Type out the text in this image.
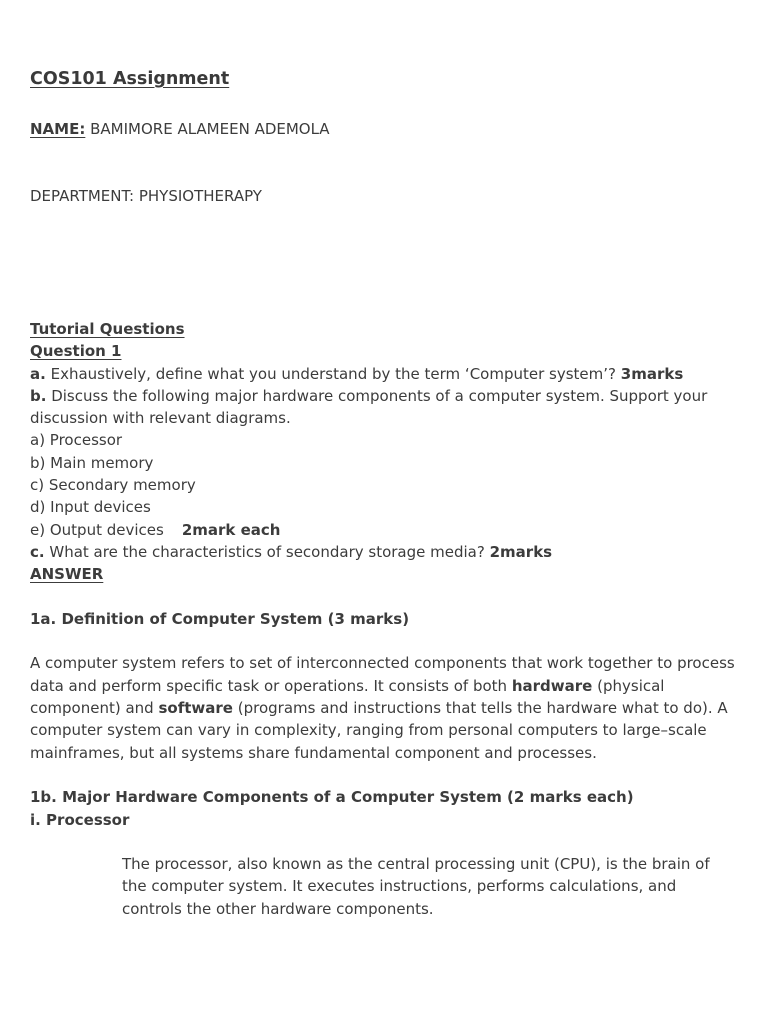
COS101 Assignment
NAME: BAMIMORE ALAMEEN ADEMOLA
DEPARTMENT: PHYSIOTHERAPY
Tutorial Questions
Question 1
a. Exhaustively, define what you understand by the term ‘Computer system’? 3marks
b. Discuss the following major hardware components of a computer system. Support your discussion with relevant diagrams.
a) Processor
b) Main memory
c) Secondary memory
d) Input devices
e) Output devices 2mark each
c. What are the characteristics of secondary storage media? 2marks
ANSWER
1a. Definition of Computer System (3 marks)
A computer system refers to set of interconnected components that work together to process data and perform specific task or operations. It consists of both hardware (physical component) and software (programs and instructions that tells the hardware what to do). A computer system can vary in complexity, ranging from personal computers to large–scale mainframes, but all systems share fundamental component and processes.
1b. Major Hardware Components of a Computer System (2 marks each)
i. Processor
The processor, also known as the central processing unit (CPU), is the brain of the computer system. It executes instructions, performs calculations, and controls the other hardware components.
